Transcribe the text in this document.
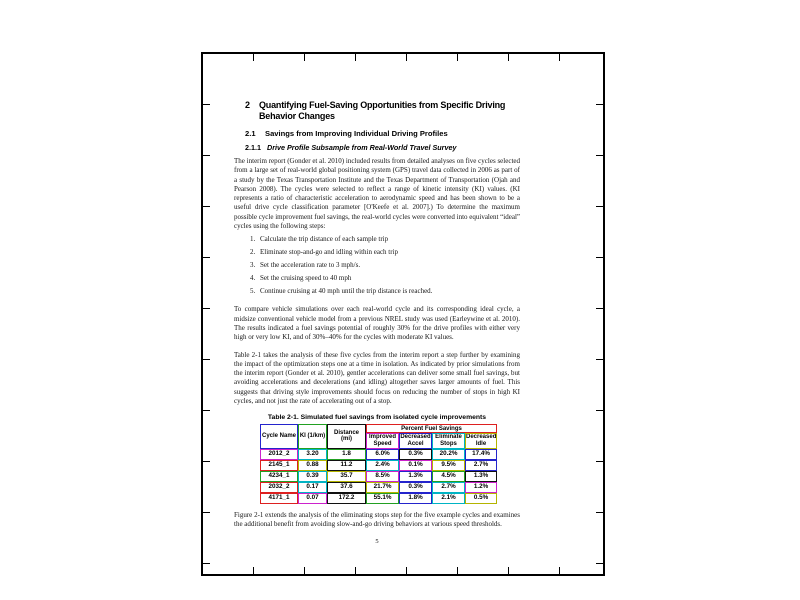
2	Quantifying Fuel-Saving Opportunities from Specific Driving Behavior Changes
2.1	Savings from Improving Individual Driving Profiles
2.1.1 Drive Profile Subsample from Real-World Travel Survey
The interim report (Gonder et al. 2010) included results from detailed analyses on five cycles selected from a large set of real-world global positioning system (GPS) travel data collected in 2006 as part of a study by the Texas Transportation Institute and the Texas Department of Transportation (Ojah and Pearson 2008). The cycles were selected to reflect a range of kinetic intensity (KI) values. (KI represents a ratio of characteristic acceleration to aerodynamic speed and has been shown to be a useful drive cycle classification parameter [O'Keefe et al. 2007].) To determine the maximum possible cycle improvement fuel savings, the real-world cycles were converted into equivalent “ideal” cycles using the following steps:
1. Calculate the trip distance of each sample trip
2. Eliminate stop-and-go and idling within each trip
3. Set the acceleration rate to 3 mph/s.
4. Set the cruising speed to 40 mph
5. Continue cruising at 40 mph until the trip distance is reached.
To compare vehicle simulations over each real-world cycle and its corresponding ideal cycle, a midsize conventional vehicle model from a previous NREL study was used (Earleywine et al. 2010). The results indicated a fuel savings potential of roughly 30% for the drive profiles with either very high or very low KI, and of 30%–40% for the cycles with moderate KI values.
Table 2-1 takes the analysis of these five cycles from the interim report a step further by examining the impact of the optimization steps one at a time in isolation. As indicated by prior simulations from the interim report (Gonder et al. 2010), gentler accelerations can deliver some small fuel savings, but avoiding accelerations and decelerations (and idling) altogether saves larger amounts of fuel. This suggests that driving style improvements should focus on reducing the number of stops in high KI cycles, and not just the rate of accelerating out of a stop.
Table 2-1. Simulated fuel savings from isolated cycle improvements
Cycle Name	KI (1/km)	Distance (mi)	Percent Fuel Savings			
			Improved Speed	Decreased Accel	Eliminate Stops	Decreased Idle
2012_2	3.20	1.8	6.0%	0.3%	20.2%	17.4%
2145_1	0.88	11.2	2.4%	0.1%	9.5%	2.7%
4234_1	0.39	35.7	8.5%	1.3%	4.5%	1.3%
2032_2	0.17	37.6	21.7%	0.3%	2.7%	1.2%
4171_1	0.07	172.2	55.1%	1.8%	2.1%	0.5%
Figure 2-1 extends the analysis of the eliminating stops step for the five example cycles and examines the additional benefit from avoiding slow-and-go driving behaviors at various speed thresholds.
5
